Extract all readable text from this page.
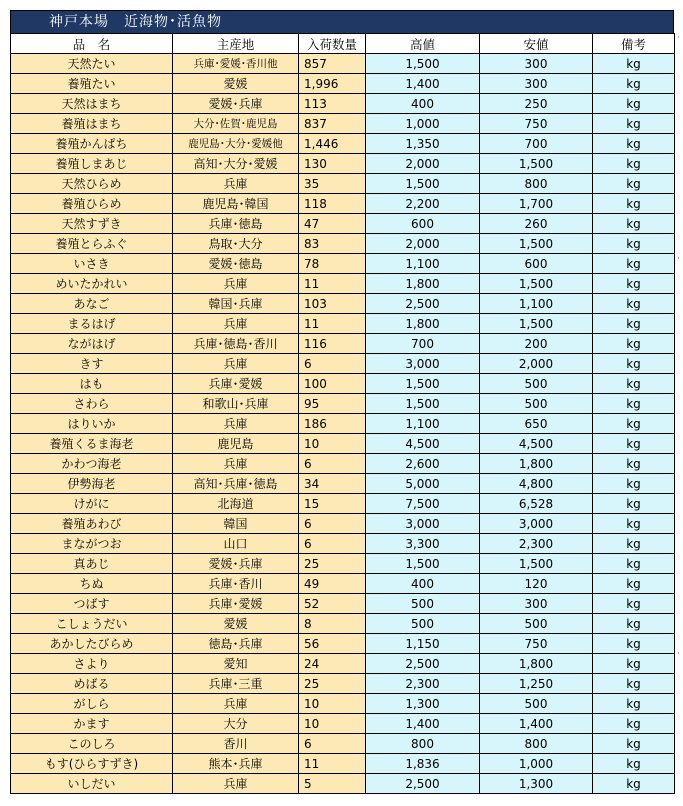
神戸本場　近海物･活魚物
品　名	主産地	入荷数量	高値	安値	備考
天然たい	兵庫･愛媛･香川他	857	1,500	300	kg
養殖たい	愛媛	1,996	1,400	300	kg
天然はまち	愛媛･兵庫	113	400	250	kg
養殖はまち	大分･佐賀･鹿児島	837	1,000	750	kg
養殖かんぱち	鹿児島･大分･愛媛他	1,446	1,350	700	kg
養殖しまあじ	高知･大分･愛媛	130	2,000	1,500	kg
天然ひらめ	兵庫	35	1,500	800	kg
養殖ひらめ	鹿児島･韓国	118	2,200	1,700	kg
天然すずき	兵庫･徳島	47	600	260	kg
養殖とらふぐ	鳥取･大分	83	2,000	1,500	kg
いさき	愛媛･徳島	78	1,100	600	kg
めいたかれい	兵庫	11	1,800	1,500	kg
あなご	韓国･兵庫	103	2,500	1,100	kg
まるはげ	兵庫	11	1,800	1,500	kg
ながはげ	兵庫･徳島･香川	116	700	200	kg
きす	兵庫	6	3,000	2,000	kg
はも	兵庫･愛媛	100	1,500	500	kg
さわら	和歌山･兵庫	95	1,500	500	kg
はりいか	兵庫	186	1,100	650	kg
養殖くるま海老	鹿児島	10	4,500	4,500	kg
かわつ海老	兵庫	6	2,600	1,800	kg
伊勢海老	高知･兵庫･徳島	34	5,000	4,800	kg
けがに	北海道	15	7,500	6,528	kg
養殖あわび	韓国	6	3,000	3,000	kg
まながつお	山口	6	3,300	2,300	kg
真あじ	愛媛･兵庫	25	1,500	1,500	kg
ちぬ	兵庫･香川	49	400	120	kg
つばす	兵庫･愛媛	52	500	300	kg
こしょうだい	愛媛	8	500	500	kg
あかしたびらめ	徳島･兵庫	56	1,150	750	kg
さより	愛知	24	2,500	1,800	kg
めばる	兵庫･三重	25	2,300	1,250	kg
がしら	兵庫	10	1,300	500	kg
かます	大分	10	1,400	1,400	kg
このしろ	香川	6	800	800	kg
もす(ひらすずき)	熊本･兵庫	11	1,836	1,000	kg
いしだい	兵庫	5	2,500	1,300	kg
·
·
·
